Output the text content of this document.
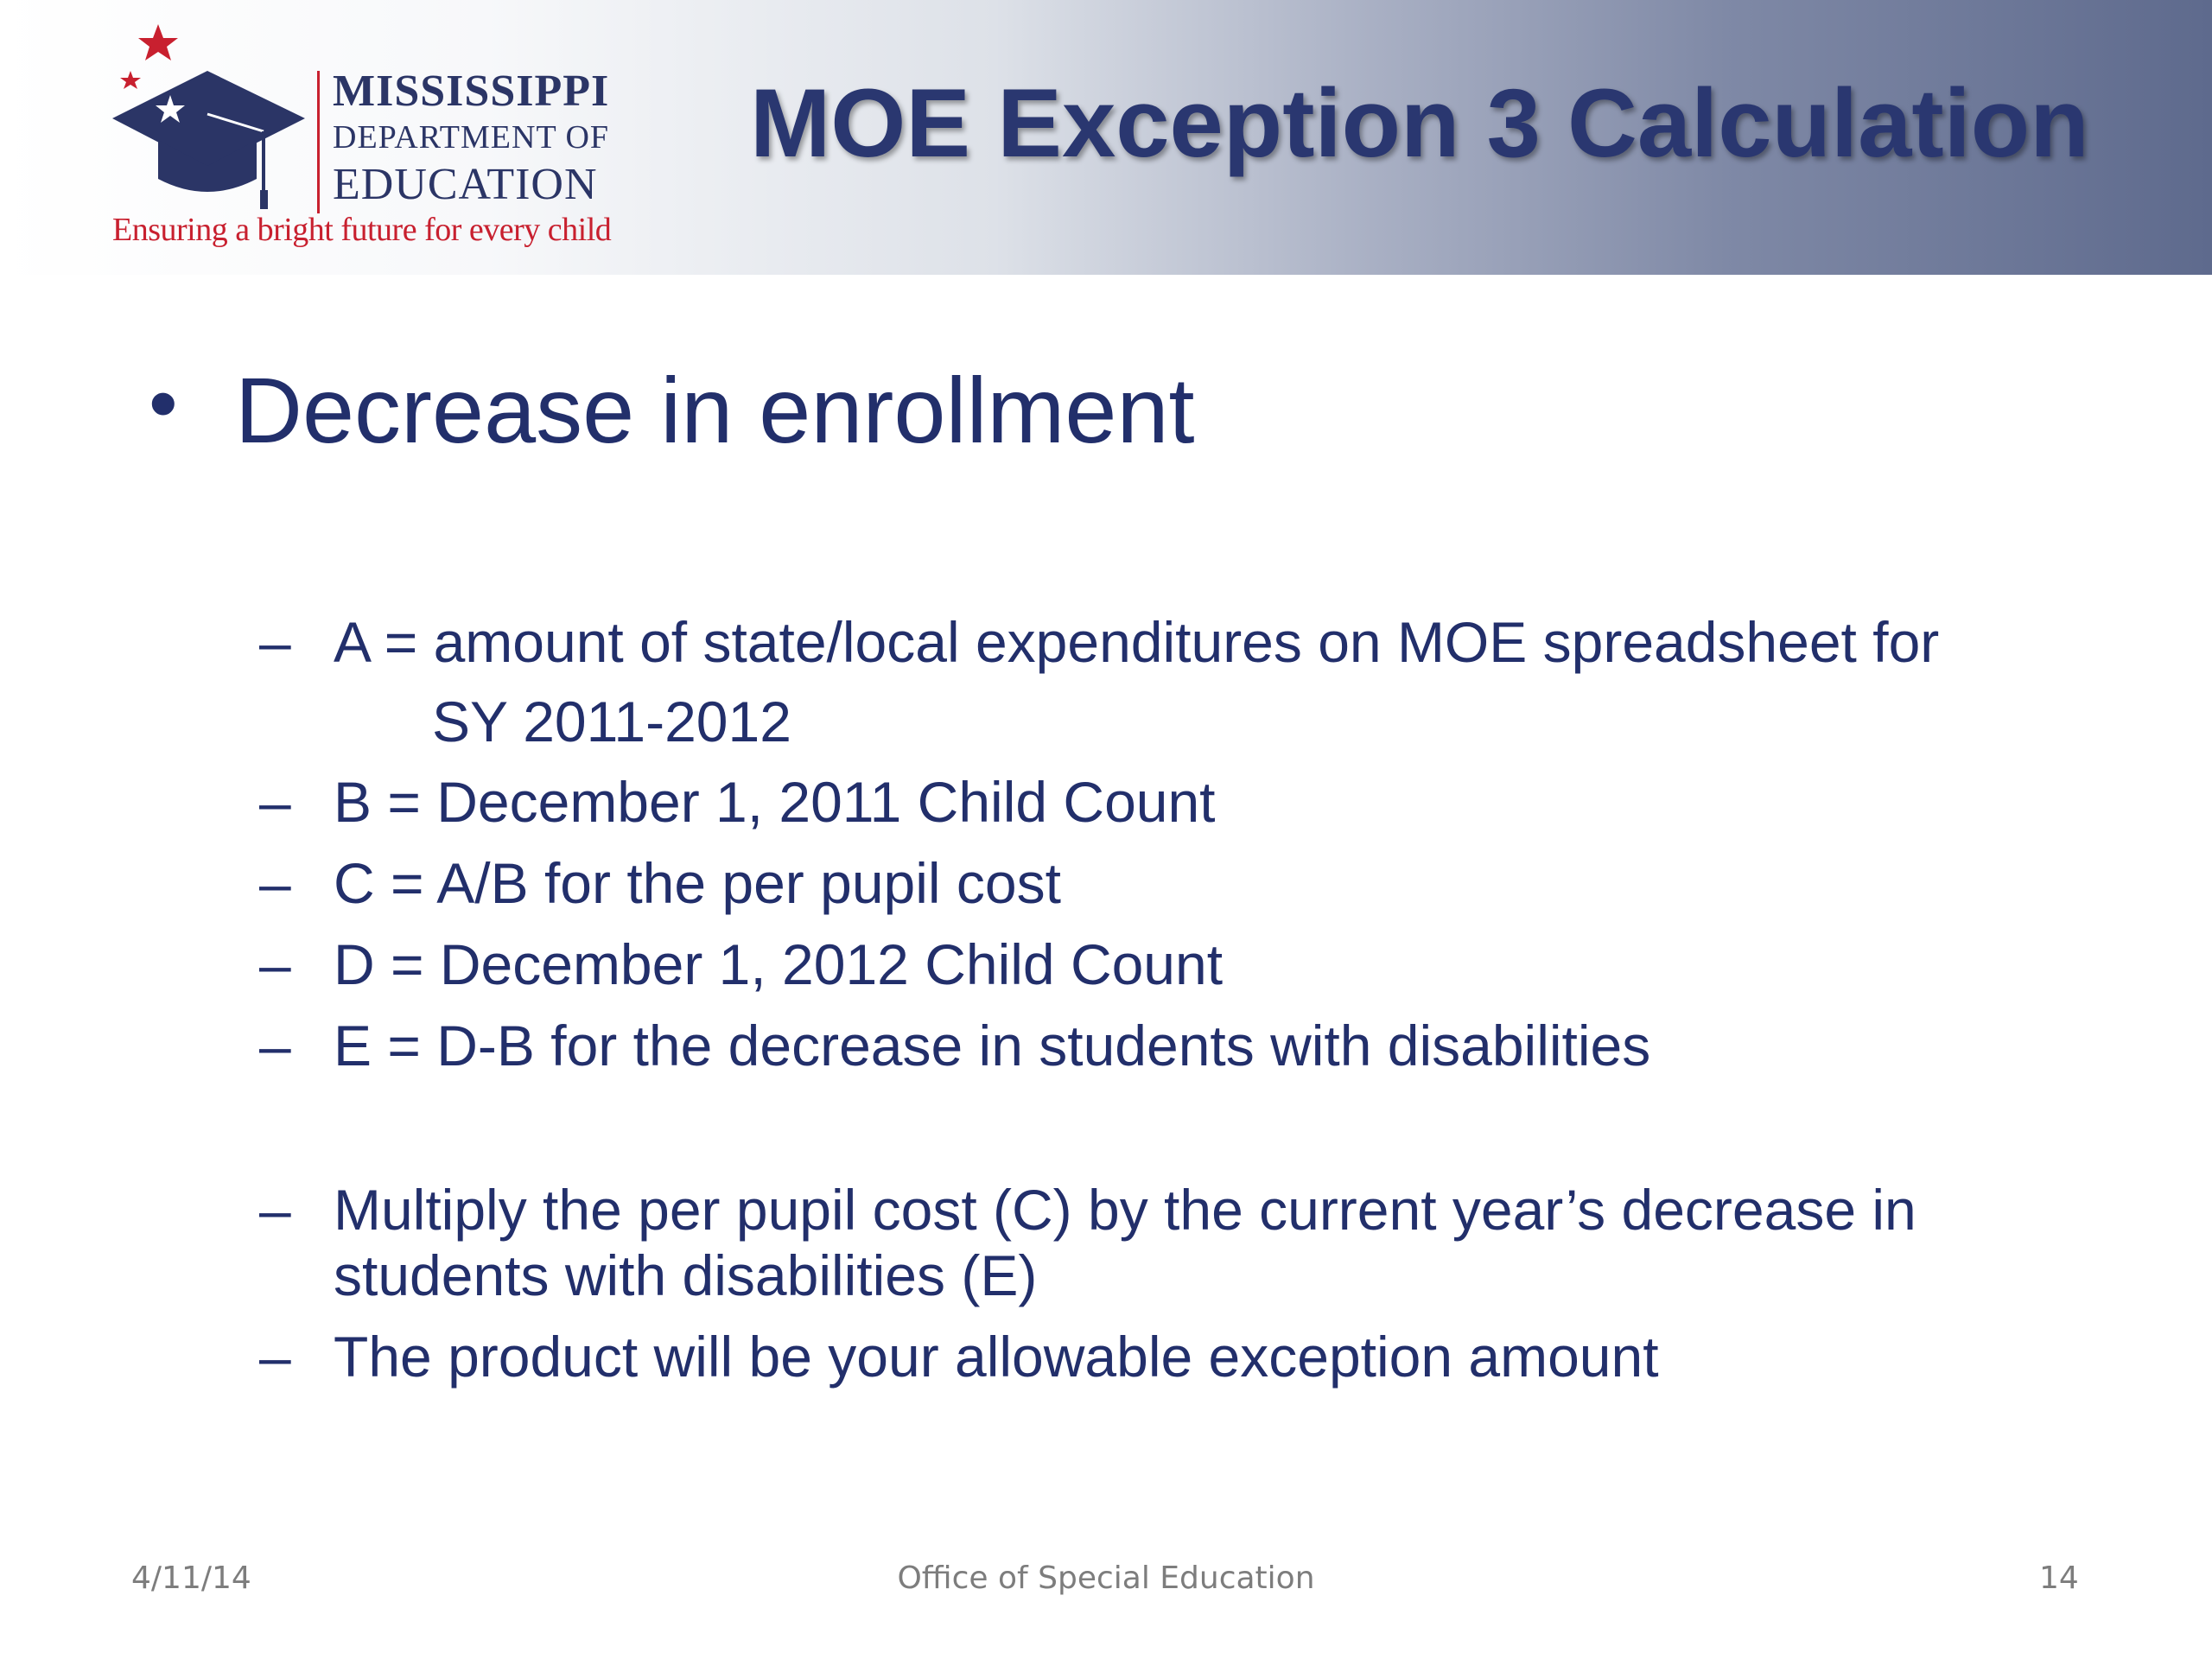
MISSISSIPPI
DEPARTMENT OF
EDUCATION
Ensuring a bright future for every child
MOE Exception 3 Calculation
• Decrease in enrollment
– A = amount of state/local expenditures on MOE spreadsheet for
SY 2011-2012
– B = December 1, 2011 Child Count
– C = A/B for the per pupil cost
– D = December 1, 2012 Child Count
– E = D-B for the decrease in students with disabilities
– Multiply the per pupil cost (C) by the current year’s decrease in
students with disabilities (E)
– The product will be your allowable exception amount
4/11/14	Office of Special Education	14
